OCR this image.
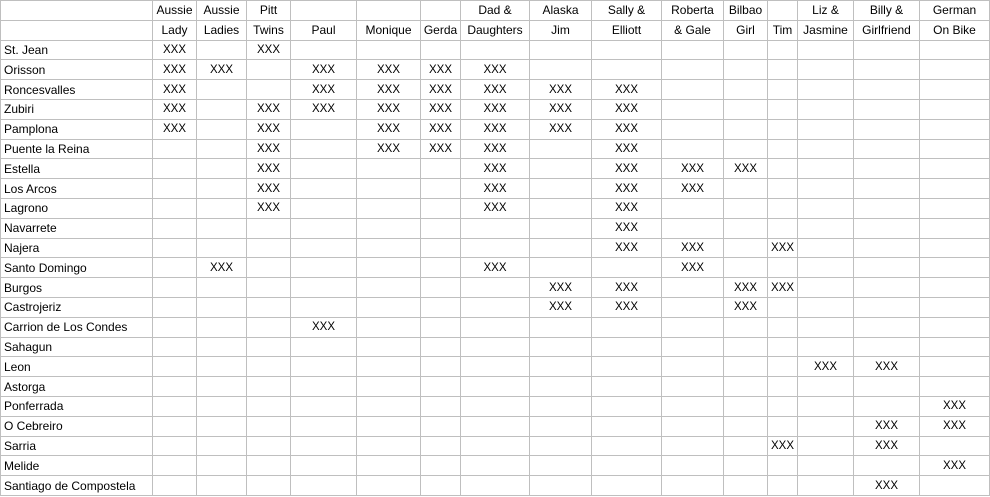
	Aussie	Aussie	Pitt				Dad &	Alaska	Sally &	Roberta	Bilbao		Liz &	Billy &	German
	Lady	Ladies	Twins	Paul	Monique	Gerda	Daughters	Jim	Elliott	& Gale	Girl	Tim	Jasmine	Girlfriend	On Bike
St. Jean	XXX		XXX												
Orisson	XXX	XXX		XXX	XXX	XXX	XXX								
Roncesvalles	XXX			XXX	XXX	XXX	XXX	XXX	XXX						
Zubiri	XXX		XXX	XXX	XXX	XXX	XXX	XXX	XXX						
Pamplona	XXX		XXX		XXX	XXX	XXX	XXX	XXX						
Puente la Reina			XXX		XXX	XXX	XXX		XXX						
Estella			XXX				XXX		XXX	XXX	XXX				
Los Arcos			XXX				XXX		XXX	XXX					
Lagrono			XXX				XXX		XXX						
Navarrete									XXX						
Najera									XXX	XXX		XXX			
Santo Domingo		XXX					XXX			XXX					
Burgos								XXX	XXX		XXX	XXX			
Castrojeriz								XXX	XXX		XXX				
Carrion de Los Condes				XXX											
Sahagun															
Leon													XXX	XXX	
Astorga															
Ponferrada															XXX
O Cebreiro														XXX	XXX
Sarria												XXX		XXX	
Melide															XXX
Santiago de Compostela														XXX	
